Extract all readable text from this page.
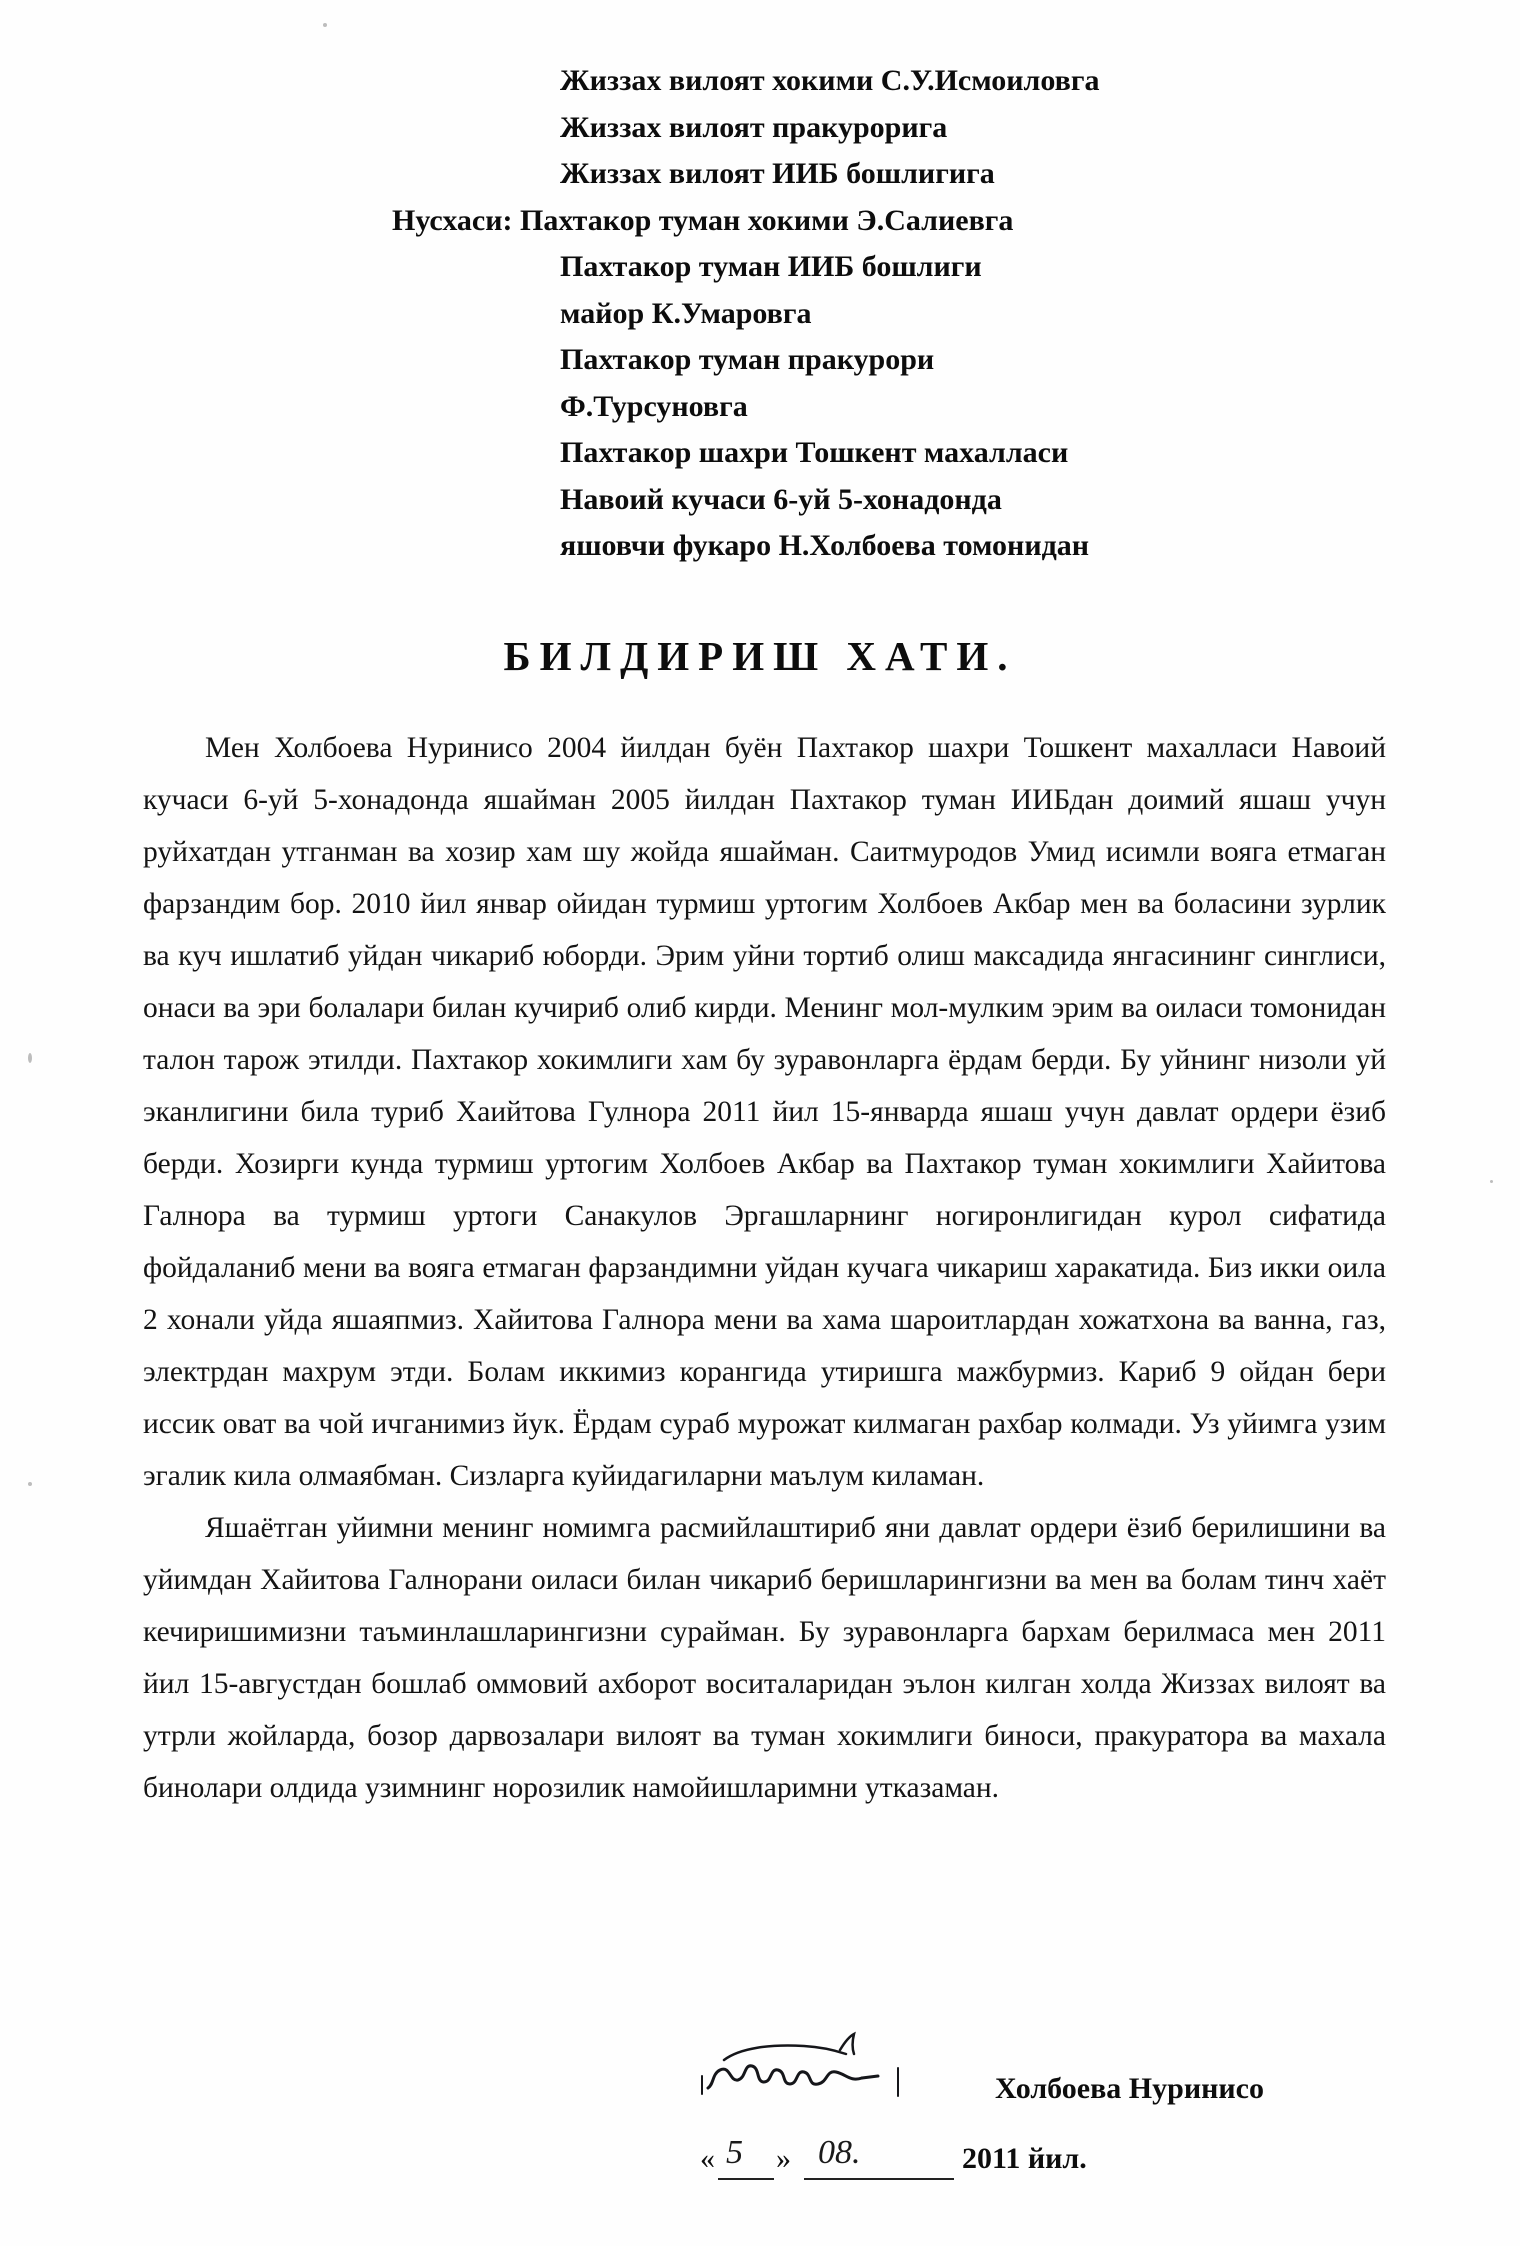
Жиззах вилоят хокими С.У.Исмоиловга
Жиззах вилоят пракурорига
Жиззах вилоят ИИБ бошлигига
Нусхаси: Пахтакор туман хокими Э.Салиевга
Пахтакор туман ИИБ бошлиги
майор К.Умаровга
Пахтакор туман пракурори
Ф.Турсуновга
Пахтакор шахри Тошкент махалласи
Навоий кучаси 6-уй 5-хонадонда
яшовчи фукаро Н.Холбоева томонидан
БИЛДИРИШ ХАТИ.

Мен Холбоева Нуринисо 2004 йилдан буён Пахтакор шахри Тошкент махалласи Навоий кучаси 6-уй 5-хонадонда яшайман 2005 йилдан Пахтакор туман ИИБдан доимий яшаш учун руйхатдан утганман ва хозир хам шу жойда яшайман. Саитмуродов Умид исимли вояга етмаган фарзандим бор. 2010 йил январ ойидан турмиш уртогим Холбоев Акбар мен ва боласини зурлик ва куч ишлатиб уйдан чикариб юборди. Эрим уйни тортиб олиш максадида янгасининг синглиси, онаси ва эри болалари билан кучириб олиб кирди. Менинг мол-мулким эрим ва оиласи томонидан талон тарож этилди. Пахтакор хокимлиги хам бу зуравонларга ёрдам берди. Бу уйнинг низоли уй эканлигини била туриб Хаийтова Гулнора 2011 йил 15-январда яшаш учун давлат ордери ёзиб берди. Хозирги кунда турмиш уртогим Холбоев Акбар ва Пахтакор туман хокимлиги Хайитова Галнора ва турмиш уртоги Санакулов Эргашларнинг ногиронлигидан курол сифатида фойдаланиб мени ва вояга етмаган фарзандимни уйдан кучага чикариш харакатида. Биз икки оила 2 хонали уйда яшаяпмиз. Хайитова Галнора мени ва хама шароитлардан хожатхона ва ванна, газ, электрдан махрум этди. Болам иккимиз корангида утиришга мажбурмиз. Кариб 9 ойдан бери иссик оват ва чой ичганимиз йук. Ёрдам сураб мурожат килмаган рахбар колмади. Уз уйимга узим эгалик кила олмаябман. Сизларга куйидагиларни маълум киламан.

Яшаётган уйимни менинг номимга расмийлаштириб яни давлат ордери ёзиб берилишини ва уйимдан Хайитова Галнорани оиласи билан чикариб беришларингизни ва мен ва болам тинч хаёт кечиришимизни таъминлашларингизни сурайман. Бу зуравонларга бархам берилмаса мен 2011 йил 15-августдан бошлаб оммовий ахборот воситаларидан эълон килган холда Жиззах вилоят ва утрли жойларда, бозор дарвозалари вилоят ва туман хокимлиги биноси, пракуратора ва махала бинолари олдида узимнинг норозилик намойишларимни утказаман.

Холбоева Нуринисо
« 5 » 08.	2011 йил.
